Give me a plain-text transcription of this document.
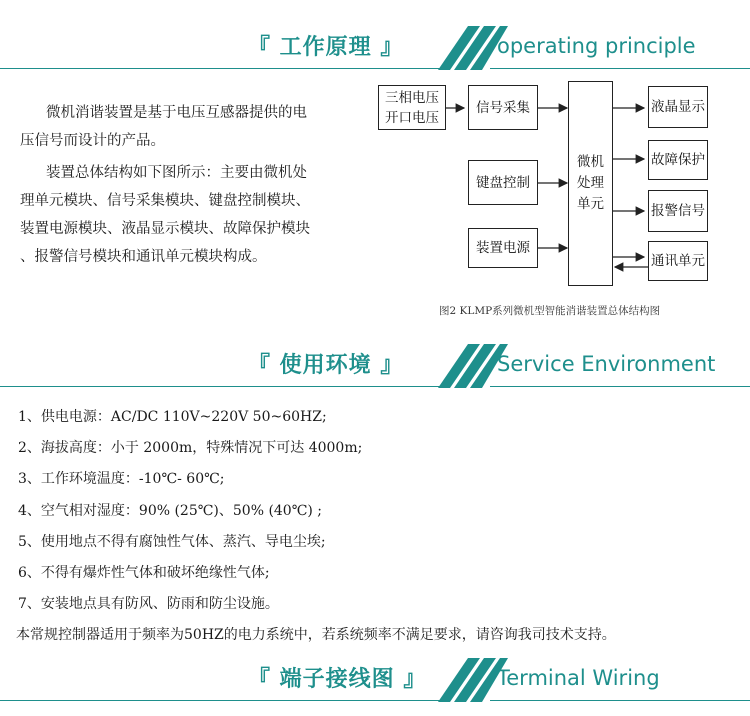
『 工作原理 』	operating principle
微机消谐装置是基于电压互感器提供的电
压信号而设计的产品。
装置总体结构如下图所示：主要由微机处
理单元模块、信号采集模块、键盘控制模块、
装置电源模块、液晶显示模块、故障保护模块
、报警信号模块和通讯单元模块构成。
三相电压
开口电压
信号采集
键盘控制
装置电源
微机
处理
单元
液晶显示
故障保护
报警信号
通讯单元
图2 KLMP系列微机型智能消谐装置总体结构图
『 使用环境 』	Service Environment
1、供电电源：AC/DC 110V~220V 50~60HZ;
2、海拔高度：小于 2000m，特殊情况下可达 4000m;
3、工作环境温度：-10℃- 60℃;
4、空气相对湿度：90% (25℃)、50% (40℃) ;
5、使用地点不得有腐蚀性气体、蒸汽、导电尘埃;
6、不得有爆炸性气体和破坏绝缘性气体;
7、安装地点具有防风、防雨和防尘设施。
本常规控制器适用于频率为50HZ的电力系统中，若系统频率不满足要求，请咨询我司技术支持。
『 端子接线图 』	Terminal Wiring
